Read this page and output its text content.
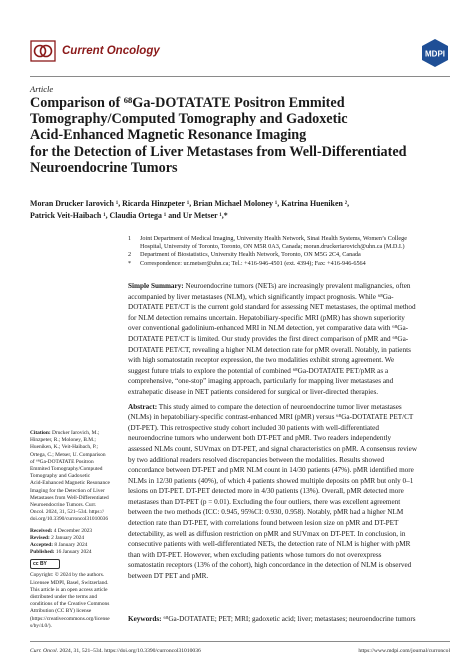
Current Oncology	MDPI
Article
Comparison of ⁶⁸Ga-DOTATATE Positron Emmited
Tomography/Computed Tomography and Gadoxetic
Acid-Enhanced Magnetic Resonance Imaging
for the Detection of Liver Metastases from Well-Differentiated
Neuroendocrine Tumors
Moran Drucker Iarovich ¹, Ricarda Hinzpeter ¹, Brian Michael Moloney ¹, Katrina Hueniken ²,
Patrick Veit-Haibach ¹, Claudia Ortega ¹ and Ur Metser ¹,*
1 Joint Department of Medical Imaging, University Health Network, Sinai Health Systems, Women’s College
Hospital, University of Toronto, Toronto, ON M5R 0A3, Canada; moran.druckeriarovich@uhn.ca (M.D.I.)
2 Department of Biostatistics, University Health Network, Toronto, ON M5G 2C4, Canada
* Correspondence: ur.metser@uhn.ca; Tel.: +416-946-4501 (ext. 4394); Fax: +416-946-6564
Citation: Drucker Iarovich, M.;
Hinzpeter, R.; Moloney, B.M.;
Hueniken, K.; Veit-Haibach, P.;
Ortega, C.; Metser, U. Comparison
of ⁶⁸Ga-DOTATATE Positron
Emmited Tomography/Computed
Tomography and Gadoxetic
Acid-Enhanced Magnetic Resonance
Imaging for the Detection of Liver
Metastases from Well-Differentiated
Neuroendocrine Tumors. Curr.
Oncol. 2024, 31, 521–534. https://
doi.org/10.3390/curroncol31010036
Received: 4 December 2023
Revised: 2 January 2024
Accepted: 8 January 2024
Published: 16 January 2024
cc BY
Copyright: © 2024 by the authors.
Licensee MDPI, Basel, Switzerland.
This article is an open access article
distributed under the terms and
conditions of the Creative Commons
Attribution (CC BY) license
(https://creativecommons.org/license
s/by/4.0/).
Simple Summary: Neuroendocrine tumors (NETs) are increasingly prevalent malignancies, often
accompanied by liver metastases (NLM), which significantly impact prognosis. While ⁶⁸Ga-
DOTATATE PET/CT is the current gold standard for assessing NET metastases, the optimal method
for NLM detection remains uncertain. Hepatobiliary-specific MRI (pMR) has shown superiority
over conventional gadolinium-enhanced MRI in NLM detection, yet comparative data with ⁶⁸Ga-
DOTATATE PET/CT is limited. Our study provides the first direct comparison of pMR and ⁶⁸Ga-
DOTATATE PET/CT, revealing a higher NLM detection rate for pMR overall. Notably, in patients
with high somatostatin receptor expression, the two modalities exhibit strong agreement. We
suggest future trials to explore the potential of combined ⁶⁸Ga-DOTATATE PET/pMR as a
comprehensive, “one-stop” imaging approach, particularly for mapping liver metastases and
extrahepatic disease in NET patients considered for surgical or liver-directed therapies.
Abstract: This study aimed to compare the detection of neuroendocrine tumor liver metastases
(NLMs) in hepatobiliary-specific contrast-enhanced MRI (pMR) versus ⁶⁸Ga-DOTATATE PET/CT
(DT-PET). This retrospective study cohort included 30 patients with well-differentiated
neuroendocrine tumors who underwent both DT-PET and pMR. Two readers independently
assessed NLMs count, SUVmax on DT-PET, and signal characteristics on pMR. A consensus review
by two additional readers resolved discrepancies between the modalities. Results showed
concordance between DT-PET and pMR NLM count in 14/30 patients (47%). pMR identified more
NLMs in 12/30 patients (40%), of which 4 patients showed multiple deposits on pMR but only 0–1
lesions on DT-PET. DT-PET detected more in 4/30 patients (13%). Overall, pMR detected more
metastases than DT-PET (p = 0.01). Excluding the four outliers, there was excellent agreement
between the two methods (ICC: 0.945, 95%CI: 0.930, 0.958). Notably, pMR had a higher NLM
detection rate than DT-PET, with correlations found between lesion size on pMR and DT-PET
detectability, as well as diffusion restriction on pMR and SUVmax on DT-PET. In conclusion, in
consecutive patients with well-differentiated NETs, the detection rate of NLM is higher with pMR
than with DT-PET. However, when excluding patients whose tumors do not overexpress
somatostatin receptors (13% of the cohort), high concordance in the detection of NLM is observed
between DT PET and pMR.
Keywords: ⁶⁸Ga-DOTATATE; PET; MRI; gadoxetic acid; liver; metastases; neuroendocrine tumors
Curr. Oncol. 2024, 31, 521–534. https://doi.org/10.3390/curroncol31010036	https://www.mdpi.com/journal/curroncol
